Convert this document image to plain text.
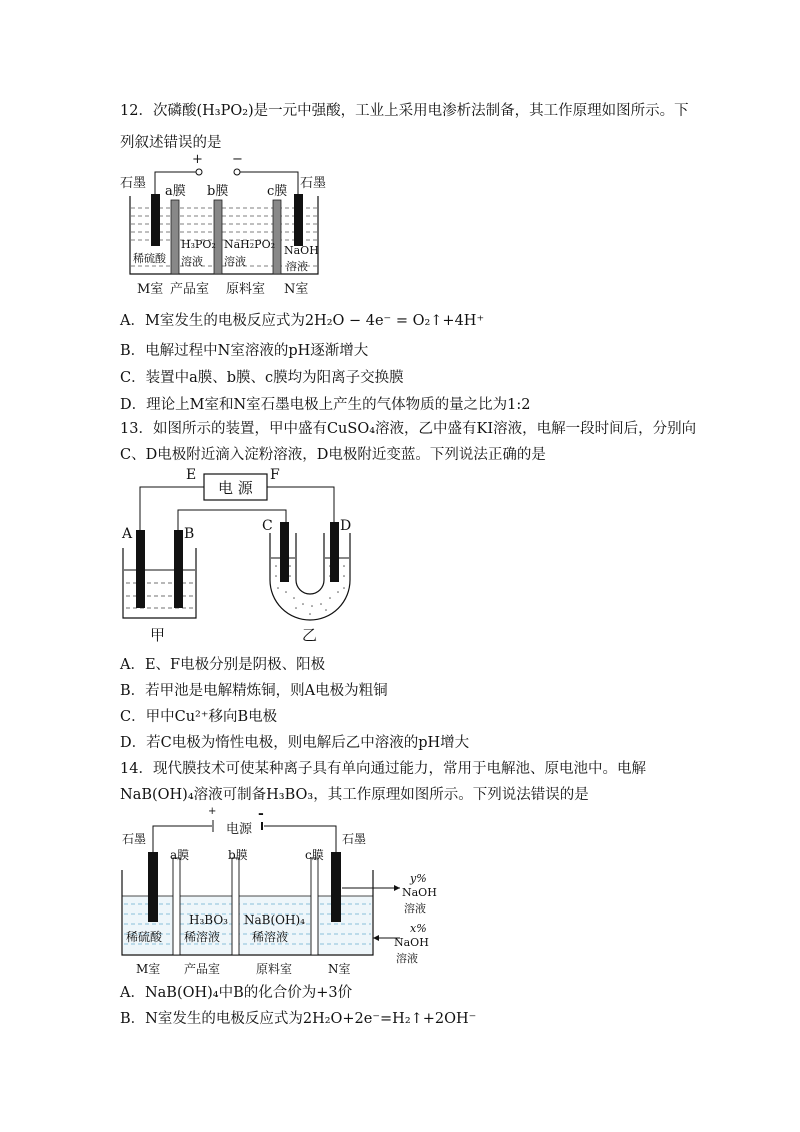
12．次磷酸(H₃PO₂)是一元中强酸，工业上采用电渗析法制备，其工作原理如图所示。下
列叙述错误的是
+ −
石墨	石墨
a膜 b膜	c膜
稀硫酸
H₃PO₂
溶液
NaH₂PO₂
溶液
NaOH
溶液
M室 产品室 原料室 N室
A．M室发生的电极反应式为2H₂O − 4e⁻ = O₂↑+4H⁺
B．电解过程中N室溶液的pH逐渐增大
C．装置中a膜、b膜、c膜均为阳离子交换膜
D．理论上M室和N室石墨电极上产生的气体物质的量之比为1:2
13．如图所示的装置，甲中盛有CuSO₄溶液，乙中盛有KI溶液，电解一段时间后，分别向
C、D电极附近滴入淀粉溶液，D电极附近变蓝。下列说法正确的是
电 源
E	F
A	B	C	D
甲	乙
A．E、F电极分别是阴极、阳极
B．若甲池是电解精炼铜，则A电极为粗铜
C．甲中Cu²⁺移向B电极
D．若C电极为惰性电极，则电解后乙中溶液的pH增大
14．现代膜技术可使某种离子具有单向通过能力，常用于电解池、原电池中。电解
NaB(OH)₄溶液可制备H₃BO₃，其工作原理如图所示。下列说法错误的是
电源
+	-
石墨	石墨
a膜	b膜	c膜
稀硫酸
H₃BO₃
稀溶液
NaB(OH)₄
稀溶液
y%
NaOH
溶液
x%
NaOH
溶液
M室 产品室	原料室	N室
A．NaB(OH)₄中B的化合价为+3价
B．N室发生的电极反应式为2H₂O+2e⁻=H₂↑+2OH⁻
